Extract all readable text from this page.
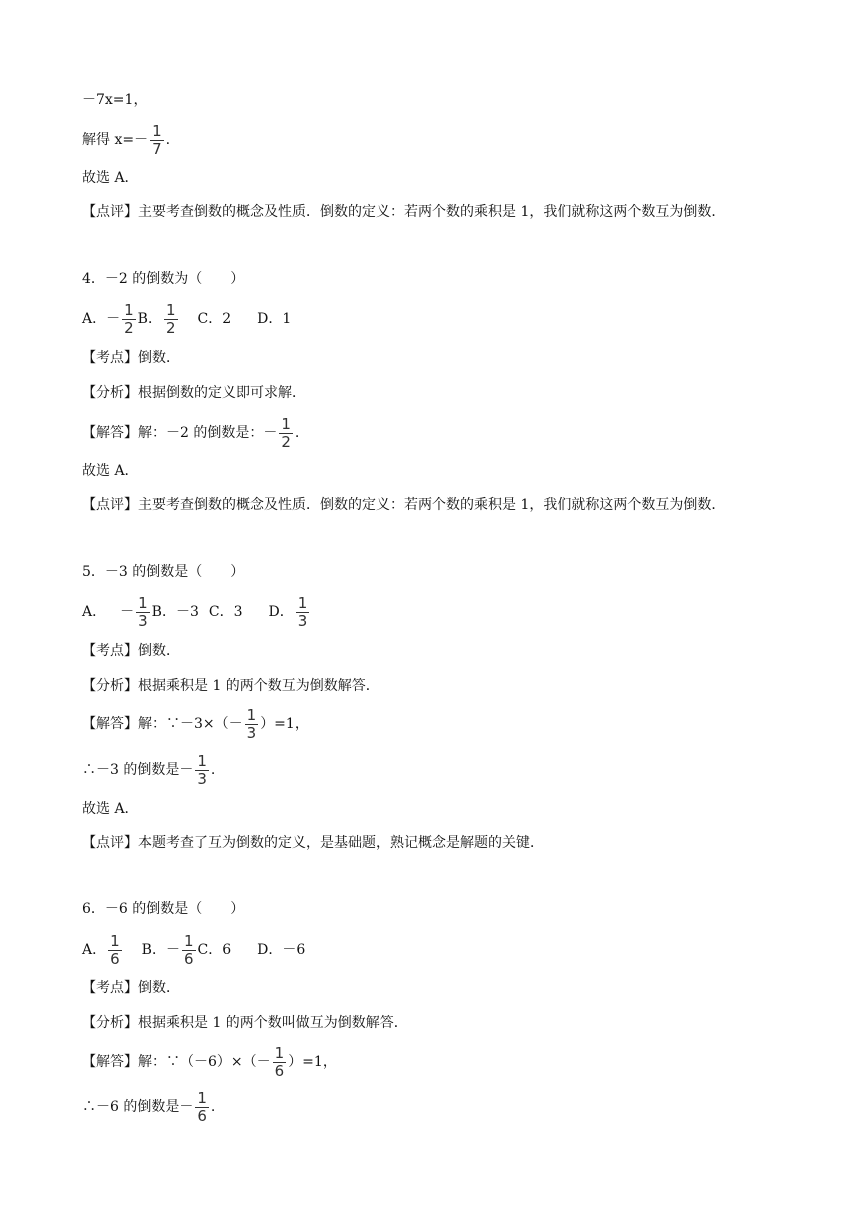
－7x=1，
解得 $x=- \frac{1}{7}$ .
故选 A．
【点评】主要考查倒数的概念及性质．倒数的定义：若两个数的乘积是 1，我们就称这两个数互为倒数．
4．－2 的倒数为（　　）
A．－ $\frac{1}{2}$ B． $\frac{1}{2}$ C．2 D．1
【考点】倒数．
【分析】根据倒数的定义即可求解．
【解答】解：－2 的倒数是：－ $\frac{1}{2}$ .
故选 A．
【点评】主要考查倒数的概念及性质．倒数的定义：若两个数的乘积是 1，我们就称这两个数互为倒数．
5．－3 的倒数是（　　）
A． － $\frac{1}{3}$ B．－3 C．3 D． $\frac{1}{3}$
【考点】倒数．
【分析】根据乘积是 1 的两个数互为倒数解答．
【解答】解：∵－3×（－ $\frac{1}{3} )=1$，
∴－3 的倒数是－ $\frac{1}{3}$ .
故选 A．
【点评】本题考查了互为倒数的定义，是基础题，熟记概念是解题的关键．
6．－6 的倒数是（　　）
A． $\frac{1}{6}$ B．－ $\frac{1}{6}$ C．6 D．－6
【考点】倒数．
【分析】根据乘积是 1 的两个数叫做互为倒数解答．
【解答】解：∵（－6）×（－ $\frac{1}{6} )=1$，
∴－6 的倒数是－ $\frac{1}{6}$ .
